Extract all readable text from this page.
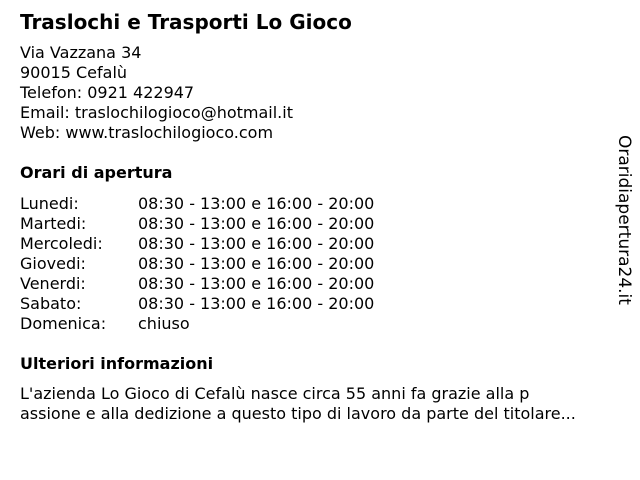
Traslochi e Trasporti Lo Gioco
Via Vazzana 34
90015 Cefalù
Telefon: 0921 422947
Email: traslochilogioco@hotmail.it
Web: www.traslochilogioco.com
Orari di apertura
Lunedi:	08:30 - 13:00 e 16:00 - 20:00
Martedi:	08:30 - 13:00 e 16:00 - 20:00
Mercoledi: 08:30 - 13:00 e 16:00 - 20:00
Giovedi:	08:30 - 13:00 e 16:00 - 20:00
Venerdi:	08:30 - 13:00 e 16:00 - 20:00
Sabato:	08:30 - 13:00 e 16:00 - 20:00
Domenica: chiuso
Ulteriori informazioni
L'azienda Lo Gioco di Cefalù nasce circa 55 anni fa grazie alla p
assione e alla dedizione a questo tipo di lavoro da parte del titolare...
Oraridiapertura24.it
